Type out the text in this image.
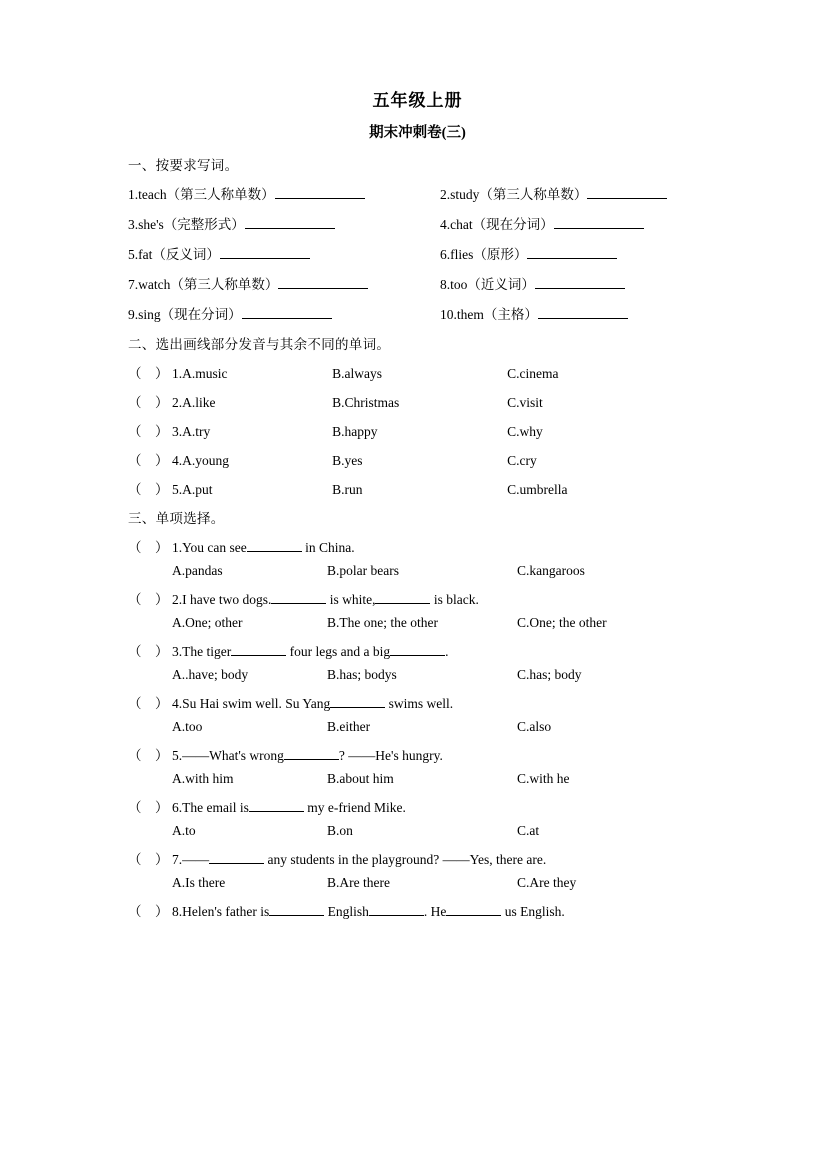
五年级上册
期末冲刺卷(三)
一、按要求写词。
1.teach（第三人称单数）	2.study（第三人称单数）
3.she's（完整形式）	4.chat（现在分词）
5.fat（反义词）	6.flies（原形）
7.watch（第三人称单数）	8.too（近义词）
9.sing（现在分词）	10.them（主格）
二、选出画线部分发音与其余不同的单词。
（　） 1.A.music	B.always	C.cinema
（　） 2.A.like	B.Christmas	C.visit
（　） 3.A.try	B.happy	C.why
（　） 4.A.young	B.yes	C.cry
（　） 5.A.put	B.run	C.umbrella
三、单项选择。
（　） 1.You can see	in China.
A.pandas	B.polar bears	C.kangaroos
（　） 2.I have two dogs.	is white,	is black.
A.One; other	B.The one; the other	C.One; the other
（　） 3.The tiger	four legs and a big	.
A..have; body	B.has; bodys	C.has; body
（　） 4.Su Hai swim well. Su Yang	swims well.
A.too	B.either	C.also
（　） 5.——What's wrong	? ——He's hungry.
A.with him	B.about him	C.with he
（　） 6.The email is	my e-friend Mike.
A.to	B.on	C.at
（　） 7.——	any students in the playground? ——Yes, there are.
A.Is there	B.Are there	C.Are they
（　） 8.Helen's father is	English	. He	us English.
